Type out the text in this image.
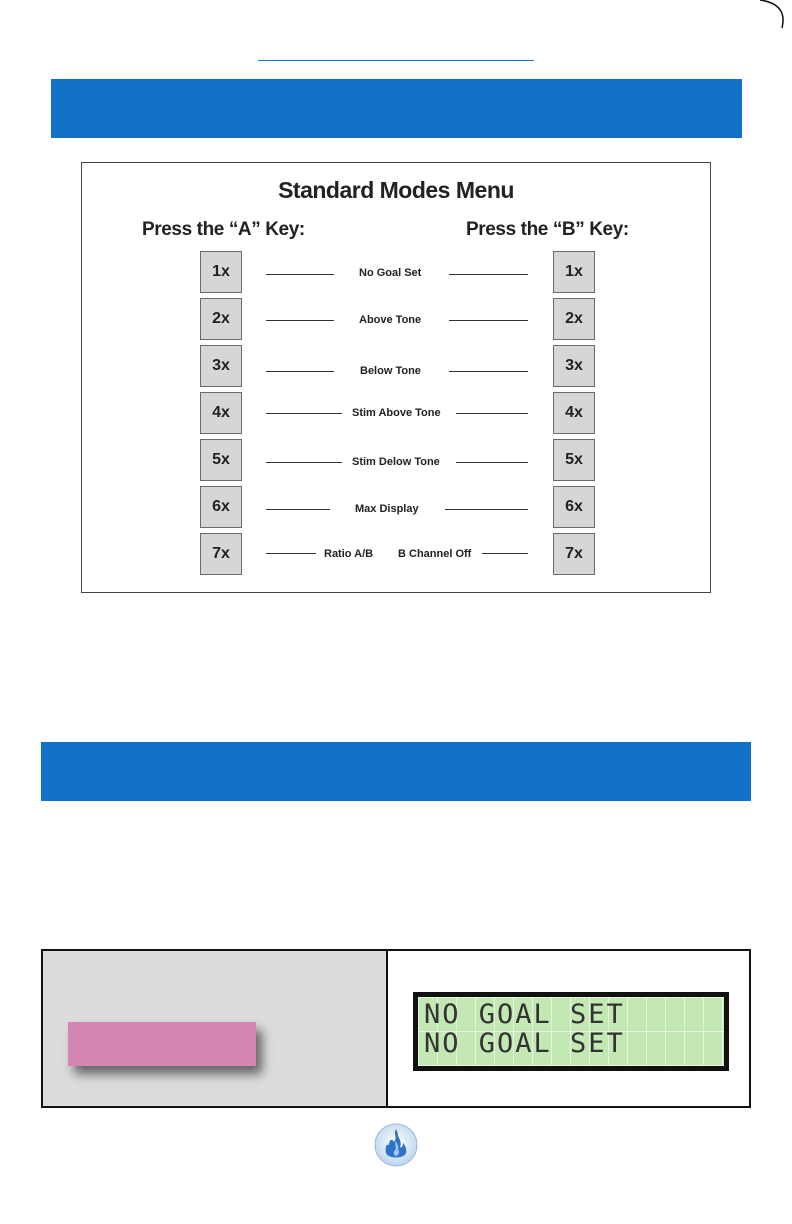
Standard Modes Menu
Press the “A” Key:	Press the “B” Key:
1x	No Goal Set	1x
2x	Above Tone	2x
3x	Below Tone	3x
4x	Stim Above Tone	4x
5x	Stim Delow Tone	5x
6x	Max Display	6x
7x	Ratio A/B B Channel Off	7x
NO GOAL SET
NO GOAL SET
